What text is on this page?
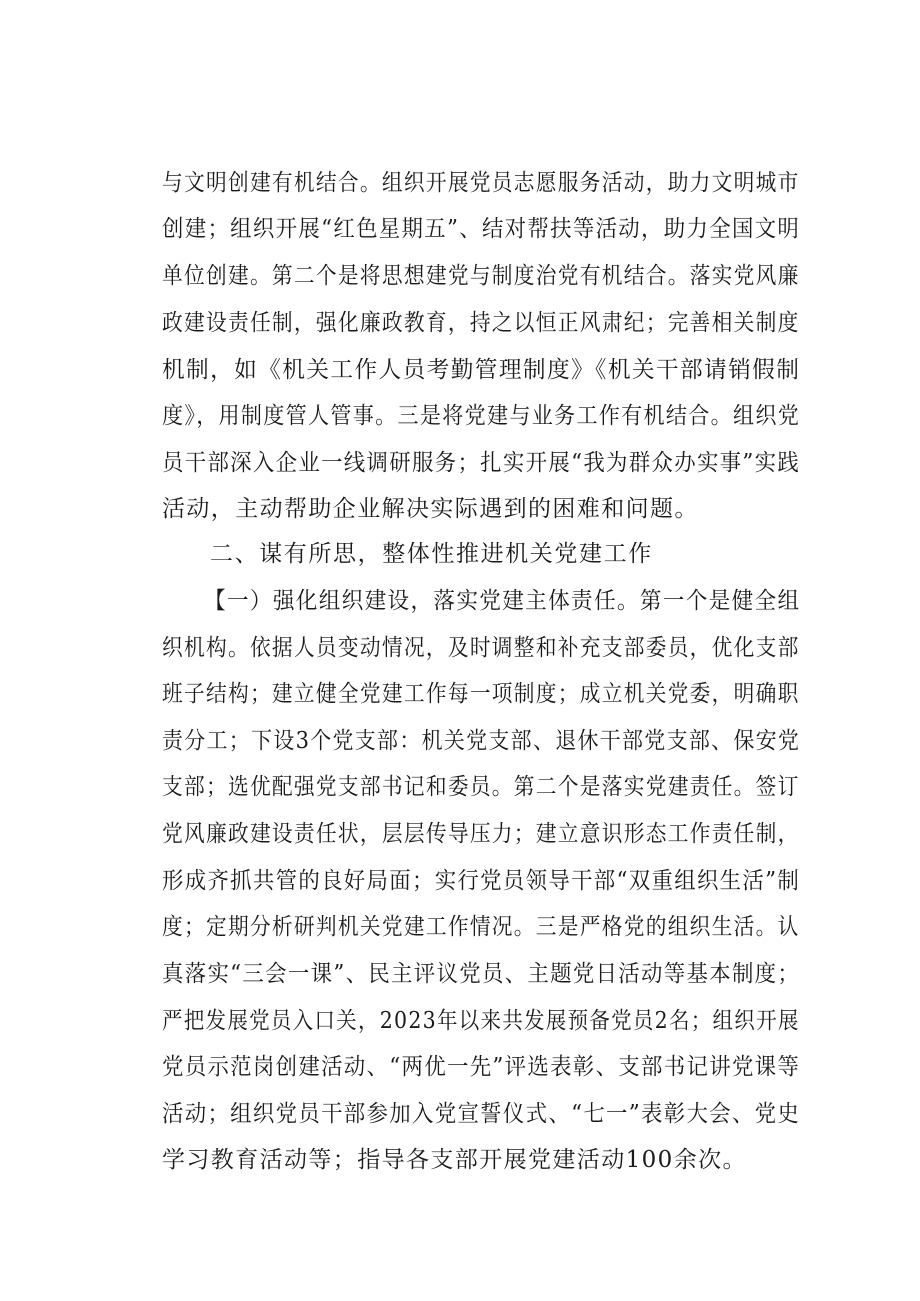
与文明创建有机结合。组织开展党员志愿服务活动，助力文明城市
创建；组织开展“红色星期五”、结对帮扶等活动，助力全国文明
单位创建。第二个是将思想建党与制度治党有机结合。落实党风廉
政建设责任制，强化廉政教育，持之以恒正风肃纪；完善相关制度
机制，如《机关工作人员考勤管理制度》《机关干部请销假制
度》，用制度管人管事。三是将党建与业务工作有机结合。组织党
员干部深入企业一线调研服务；扎实开展“我为群众办实事”实践
活动，主动帮助企业解决实际遇到的困难和问题。
二、谋有所思，整体性推进机关党建工作
【一）强化组织建设，落实党建主体责任。第一个是健全组
织机构。依据人员变动情况，及时调整和补充支部委员，优化支部
班子结构；建立健全党建工作每一项制度；成立机关党委，明确职
责分工；下设3个党支部：机关党支部、退休干部党支部、保安党
支部；选优配强党支部书记和委员。第二个是落实党建责任。签订
党风廉政建设责任状，层层传导压力；建立意识形态工作责任制，
形成齐抓共管的良好局面；实行党员领导干部“双重组织生活”制
度；定期分析研判机关党建工作情况。三是严格党的组织生活。认
真落实“三会一课”、民主评议党员、主题党日活动等基本制度；
严把发展党员入口关，2023年以来共发展预备党员2名；组织开展
党员示范岗创建活动、“两优一先”评选表彰、支部书记讲党课等
活动；组织党员干部参加入党宣誓仪式、“七一”表彰大会、党史
学习教育活动等；指导各支部开展党建活动100余次。
